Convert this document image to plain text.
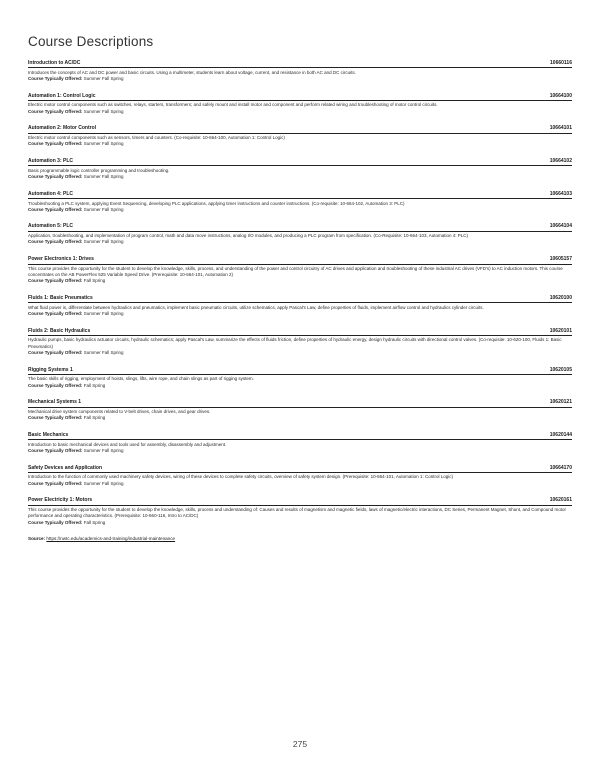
Course Descriptions
Introduction to AC/DC	10660116
Introduces the concepts of AC and DC power and basic circuits. Using a multimeter, students learn about voltage, current, and resistance in both AC and DC circuits.
Course Typically Offered: Summer Fall Spring
Automation 1: Control Logic	10664100
Electric motor control components such as switches, relays, starters, transformers; and safely mount and install motor and component and perform related wiring and troubleshooting of motor control circuits.
Course Typically Offered: Summer Fall Spring
Automation 2: Motor Control	10664101
Electric motor control components such as sensors, timers and counters. (Co-requisite: 10-664-100, Automation 1: Control Logic)
Course Typically Offered: Summer Fall Spring
Automation 3: PLC	10664102
Basic programmable logic controller programming and troubleshooting.
Course Typically Offered: Summer Fall Spring
Automation 4: PLC	10664103
Troubleshooting a PLC system, applying Event Sequencing, developing PLC applications, applying timer instructions and counter instructions. (Co-requisite: 10-664-102, Automation 3: PLC)
Course Typically Offered: Summer Fall Spring
Automation 5: PLC	10664104
Application, troubleshooting, and implementation of program control, math and data move instructions, analog I/O modules, and producing a PLC program from specification. (Co-Requisite: 10-664-103, Automation 4: PLC)
Course Typically Offered: Summer Fall Spring
Power Electronics 1: Drives	10605157
This course provides the opportunity for the student to develop the knowledge, skills, process, and understanding of the power and control circuitry of AC drives and application and troubleshooting of these industrial AC drives (VFD's) to AC induction motors. This course concentrates on the AB PowerFlex 525 Variable Speed Drive. (Prerequisite: 10-664-101, Automation 2)
Course Typically Offered: Fall Spring
Fluids 1: Basic Pneumatics	10620100
What fluid power is, differentiate between hydraulics and pneumatics, implement basic pneumatic circuits, utilize schematics, apply Pascal's Law, define properties of fluids, implement airflow control and hydraulics cylinder circuits.
Course Typically Offered: Summer Fall Spring
Fluids 2: Basic Hydraulics	10620101
Hydraulic pumps, basic hydraulics actuator circuits, hydraulic schematics; apply Pascal's Law, summarize the effects of fluids friction, define properties of hydraulic energy, design hydraulic circuits with directional control valves. (Co-requisite: 10-620-100, Fluids 1: Basic Pneumatics)
Course Typically Offered: Summer Fall Spring
Rigging Systems 1	10620105
The basic skills of rigging, employment of hoists, slings, lifts, wire rope, and chain slings as part of rigging system.
Course Typically Offered: Fall Spring
Mechanical Systems 1	10620121
Mechanical drive system components related to V-belt drives, chain drives, and gear drives.
Course Typically Offered: Fall Spring
Basic Mechanics	10620144
Introduction to basic mechanical devices and tools used for assembly, disassembly and adjustment.
Course Typically Offered: Summer Fall Spring
Safety Devices and Application	10664170
Introduction to the function of commonly used machinery safety devices, wiring of these devices to complete safety circuits, overview of safety system design. (Prerequisite: 10-664-101, Automation 1: Control Logic)
Course Typically Offered: Summer Fall Spring
Power Electricity 1: Motors	10620161
This course provides the opportunity for the student to develop the knowledge, skills, process and understanding of: Causes and results of magnetism and magnetic fields, laws of magnetic/electric interactions, DC Series, Permanent Magnet, Shunt, and Compound motor performance and operating characteristics. (Prerequisite: 10-660-116, Intro to AC/DC)
Course Typically Offered: Fall Spring
Source: https://nwtc.edu/academics-and-training/industrial-maintenance
275
